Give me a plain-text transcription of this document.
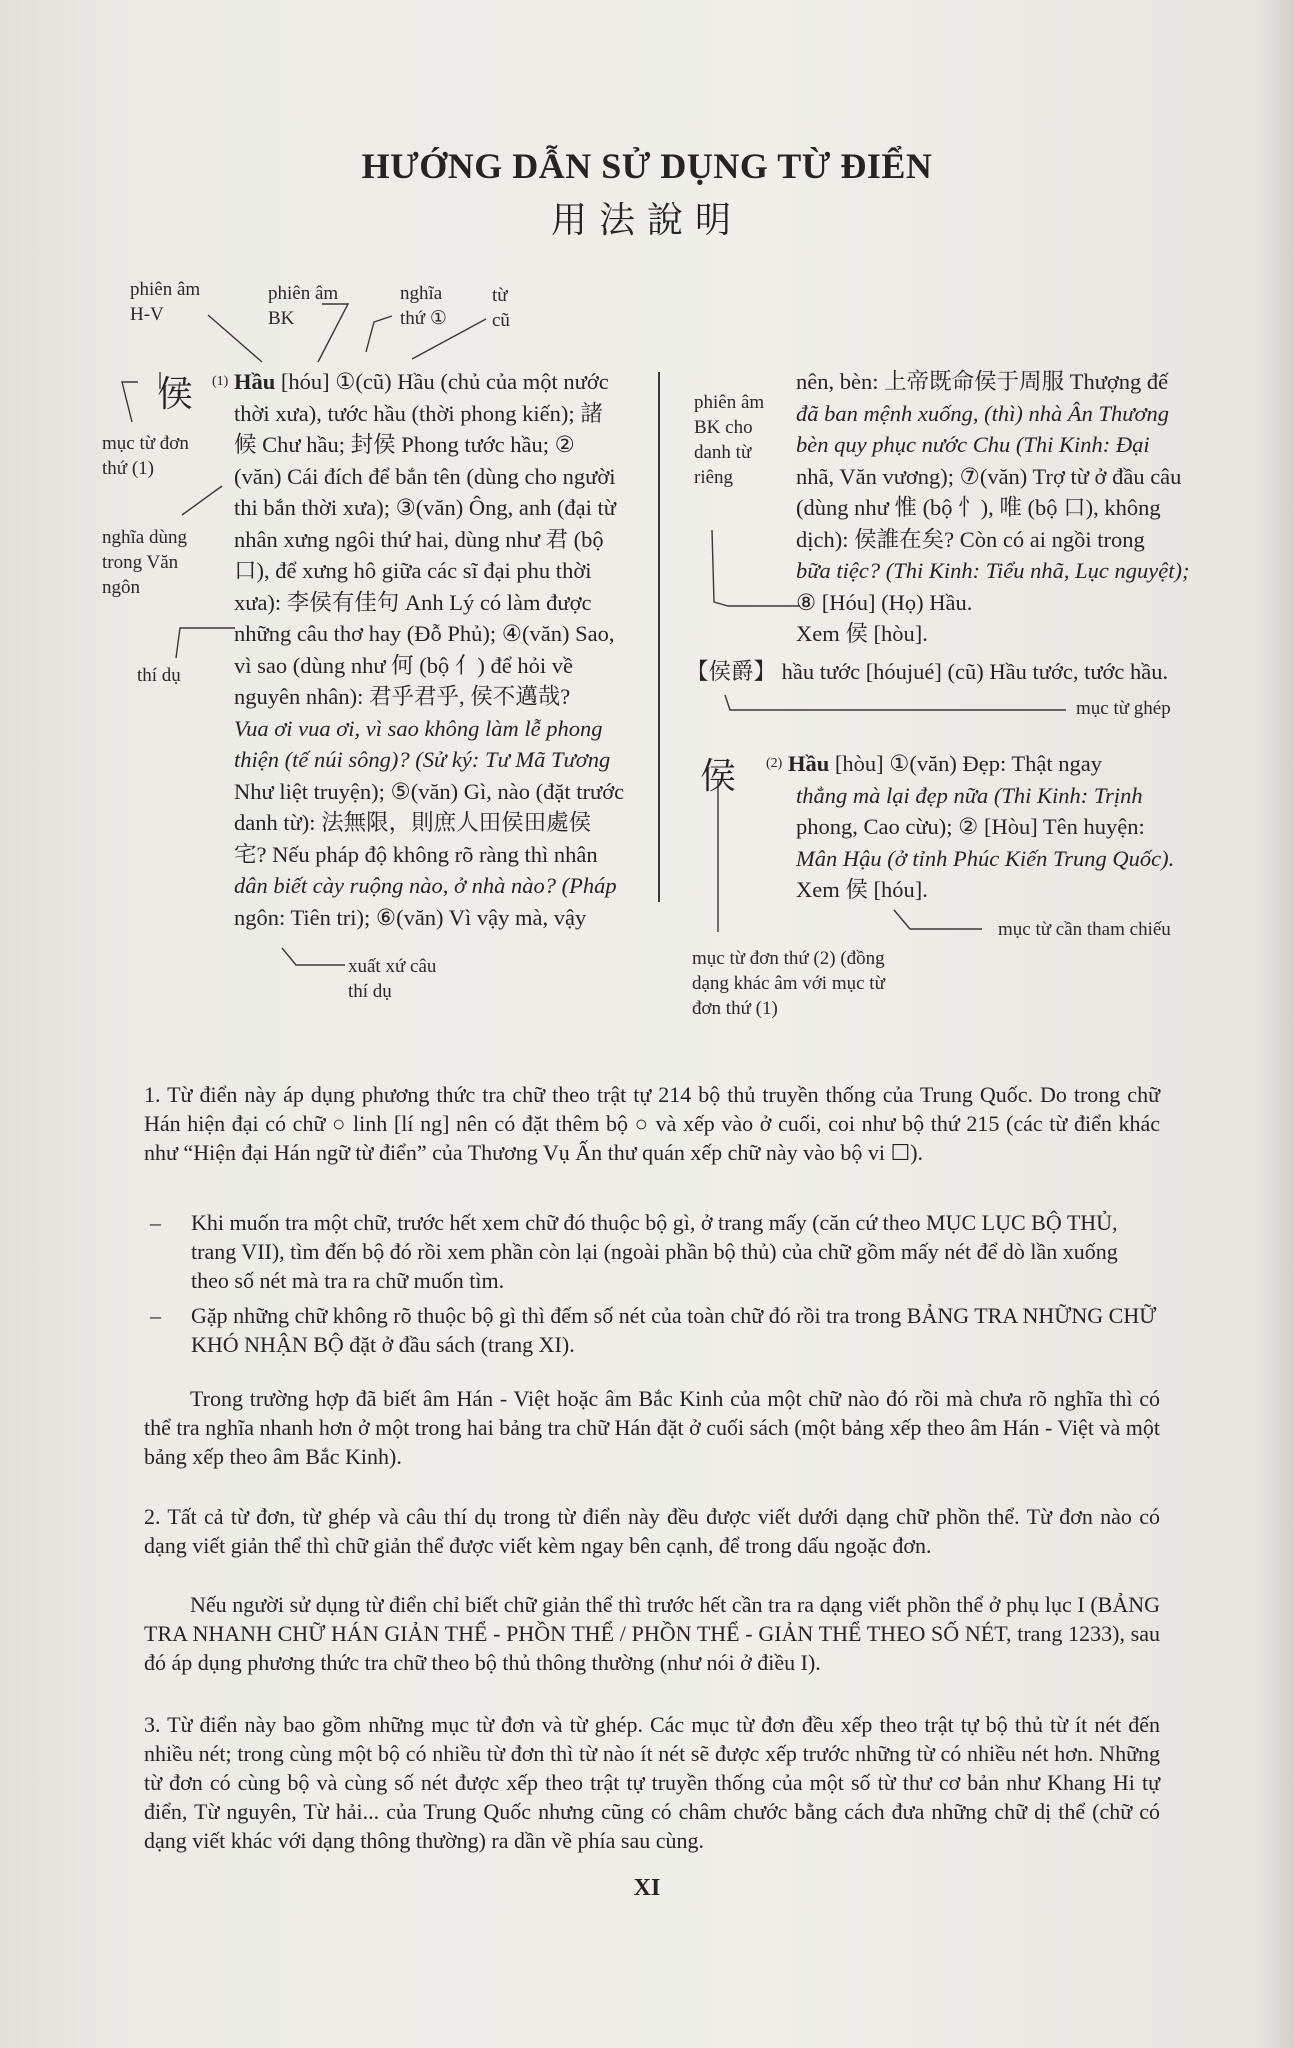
HƯỚNG DẪN SỬ DỤNG TỪ ĐIỂN
用法說明
phiên âm H-V
phiên âm BK
nghĩa thứ ①
từ cũ
mục từ đơn thứ (1)
nghĩa dùng trong Văn ngôn
thí dụ
xuất xứ câu thí dụ
phiên âm BK cho danh từ riêng
mục từ ghép
mục từ đơn thứ (2) (đồng dạng khác âm với mục từ đơn thứ (1)
mục từ cần tham chiếu
侯 $^{(1)}$ Hầu [hóu] ①(cũ) Hầu (chủ của một nước
thời xưa), tước hầu (thời phong kiến); 諸
候 Chư hầu; 封侯 Phong tước hầu; ②
(văn) Cái đích để bắn tên (dùng cho người
thi bắn thời xưa); ③(văn) Ông, anh (đại từ
nhân xưng ngôi thứ hai, dùng như 君 (bộ
口), để xưng hô giữa các sĩ đại phu thời
xưa): 李侯有佳句 Anh Lý có làm được
những câu thơ hay (Đỗ Phủ); ④(văn) Sao,
vì sao (dùng như 何 (bộ 亻) để hỏi về
nguyên nhân): 君乎君乎, 侯不邁哉?
Vua ơi vua ơi, vì sao không làm lễ phong
thiện (tế núi sông)? (Sử ký: Tư Mã Tương
Như liệt truyện); ⑤(văn) Gì, nào (đặt trước
danh từ): 法無限，則庶人田侯田處侯
宅? Nếu pháp độ không rõ ràng thì nhân
dân biết cày ruộng nào, ở nhà nào? (Pháp
ngôn: Tiên tri); ⑥(văn) Vì vậy mà, vậy
nên, bèn: 上帝既命侯于周服 Thượng đế
đã ban mệnh xuống, (thì) nhà Ân Thương
bèn quy phục nước Chu (Thi Kinh: Đại
nhã, Văn vương); ⑦(văn) Trợ từ ở đầu câu
(dùng như 惟 (bộ 忄), 唯 (bộ 口), không
dịch): 侯誰在矣? Còn có ai ngồi trong
bữa tiệc? (Thi Kinh: Tiểu nhã, Lục nguyệt);
⑧ [Hóu] (Họ) Hầu.
Xem 侯 [hòu].
【侯爵】 hầu tước [hóujué] (cũ) Hầu tước, tước hầu.
侯 $^{(2)}$ Hầu [hòu] ①(văn) Đẹp: Thật ngay
thẳng mà lại đẹp nữa (Thi Kinh: Trịnh
phong, Cao cừu); ② [Hòu] Tên huyện:
Mân Hậu (ở tỉnh Phúc Kiến Trung Quốc).
Xem 侯 [hóu].
1. Từ điển này áp dụng phương thức tra chữ theo trật tự 214 bộ thủ truyền thống của Trung Quốc. Do trong chữ Hán hiện đại có chữ ○ linh [lí ng] nên có đặt thêm bộ ○ và xếp vào ở cuối, coi như bộ thứ 215 (các từ điển khác như “Hiện đại Hán ngữ từ điển” của Thương Vụ Ấn thư quán xếp chữ này vào bộ vi ☐).
– Khi muốn tra một chữ, trước hết xem chữ đó thuộc bộ gì, ở trang mấy (căn cứ theo MỤC LỤC BỘ THỦ, trang VII), tìm đến bộ đó rồi xem phần còn lại (ngoài phần bộ thủ) của chữ gồm mấy nét để dò lần xuống theo số nét mà tra ra chữ muốn tìm.
– Gặp những chữ không rõ thuộc bộ gì thì đếm số nét của toàn chữ đó rồi tra trong BẢNG TRA NHỮNG CHỮ KHÓ NHẬN BỘ đặt ở đầu sách (trang XI).
Trong trường hợp đã biết âm Hán - Việt hoặc âm Bắc Kinh của một chữ nào đó rồi mà chưa rõ nghĩa thì có thể tra nghĩa nhanh hơn ở một trong hai bảng tra chữ Hán đặt ở cuối sách (một bảng xếp theo âm Hán - Việt và một bảng xếp theo âm Bắc Kinh).
2. Tất cả từ đơn, từ ghép và câu thí dụ trong từ điển này đều được viết dưới dạng chữ phồn thể. Từ đơn nào có dạng viết giản thể thì chữ giản thể được viết kèm ngay bên cạnh, để trong dấu ngoặc đơn.
Nếu người sử dụng từ điển chỉ biết chữ giản thể thì trước hết cần tra ra dạng viết phồn thể ở phụ lục I (BẢNG TRA NHANH CHỮ HÁN GIẢN THỂ - PHỒN THỂ / PHỒN THỂ - GIẢN THỂ THEO SỐ NÉT, trang 1233), sau đó áp dụng phương thức tra chữ theo bộ thủ thông thường (như nói ở điều I).
3. Từ điển này bao gồm những mục từ đơn và từ ghép. Các mục từ đơn đều xếp theo trật tự bộ thủ từ ít nét đến nhiều nét; trong cùng một bộ có nhiều từ đơn thì từ nào ít nét sẽ được xếp trước những từ có nhiều nét hơn. Những từ đơn có cùng bộ và cùng số nét được xếp theo trật tự truyền thống của một số từ thư cơ bản như Khang Hi tự điển, Từ nguyên, Từ hải... của Trung Quốc nhưng cũng có châm chước bằng cách đưa những chữ dị thể (chữ có dạng viết khác với dạng thông thường) ra dần về phía sau cùng.
XI
